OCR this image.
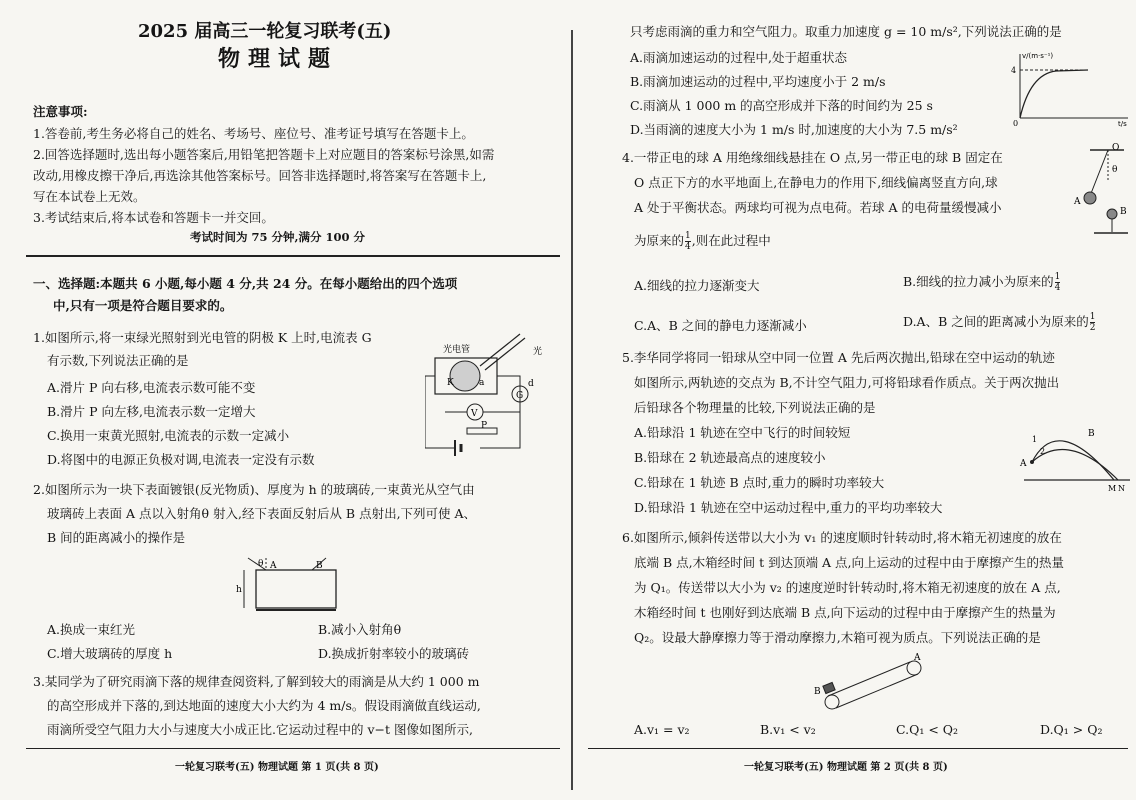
2025 届高三一轮复习联考(五)
物理试题
注意事项:
1.答卷前,考生务必将自己的姓名、考场号、座位号、准考证号填写在答题卡上。
2.回答选择题时,选出每小题答案后,用铅笔把答题卡上对应题目的答案标号涂黑,如需
改动,用橡皮擦干净后,再选涂其他答案标号。回答非选择题时,将答案写在答题卡上,
写在本试卷上无效。
3.考试结束后,将本试卷和答题卡一并交回。
考试时间为 75 分钟,满分 100 分
一、选择题:本题共 6 小题,每小题 4 分,共 24 分。在每小题给出的四个选项
中,只有一项是符合题目要求的。
1.如图所示,将一束绿光照射到光电管的阴极 K 上时,电流表 G
有示数,下列说法正确的是
A.滑片 P 向右移,电流表示数可能不变
B.滑片 P 向左移,电流表示数一定增大
C.换用一束黄光照射,电流表的示数一定减小
D.将图中的电源正负极对调,电流表一定没有示数
光电管	光
K	a	d
G
V
P
2.如图所示为一块下表面镀银(反光物质)、厚度为 h 的玻璃砖,一束黄光从空气由
玻璃砖上表面 A 点以入射角θ 射入,经下表面反射后从 B 点射出,下列可使 A、
B 间的距离减小的操作是
θ A	B
h
A.换成一束红光	B.减小入射角θ
C.增大玻璃砖的厚度 h	D.换成折射率较小的玻璃砖
3.某同学为了研究雨滴下落的规律查阅资料,了解到较大的雨滴是从大约 1 000 m
的高空形成并下落的,到达地面的速度大小大约为 4 m/s。假设雨滴做直线运动,
雨滴所受空气阻力大小与速度大小成正比.它运动过程中的 v−t 图像如图所示,
一轮复习联考(五) 物理试题 第 1 页(共 8 页)
只考虑雨滴的重力和空气阻力。取重力加速度 g = 10 m/s²,下列说法正确的是
A.雨滴加速运动的过程中,处于超重状态
B.雨滴加速运动的过程中,平均速度小于 2 m/s
C.雨滴从 1 000 m 的高空形成并下落的时间约为 25 s
D.当雨滴的速度大小为 1 m/s 时,加速度的大小为 7.5 m/s²
v/(m·s⁻¹)
t/s
0
4
4.一带正电的球 A 用绝缘细线悬挂在 O 点,另一带正电的球 B 固定在
O 点正下方的水平地面上,在静电力的作用下,细线偏离竖直方向,球
A 处于平衡状态。两球均可视为点电荷。若球 A 的电荷量缓慢减小
为原来的 $\frac{1}{4}$ ,则在此过程中
O
θ
A
B
A.细线的拉力逐渐变大	B.细线的拉力减小为原来的 $\frac{1}{4}$
C.A、B 之间的静电力逐渐减小	D.A、B 之间的距离减小为原来的 $\frac{1}{2}$
5.李华同学将同一铅球从空中同一位置 A 先后两次抛出,铅球在空中运动的轨迹
如图所示,两轨迹的交点为 B,不计空气阻力,可将铅球看作质点。关于两次抛出
后铅球各个物理量的比较,下列说法正确的是
A.铅球沿 1 轨迹在空中飞行的时间较短
B.铅球在 2 轨迹最高点的速度较小
C.铅球在 1 轨迹 B 点时,重力的瞬时功率较大
D.铅球沿 1 轨迹在空中运动过程中,重力的平均功率较大
A
B
1
2
M N
6.如图所示,倾斜传送带以大小为 v₁ 的速度顺时针转动时,将木箱无初速度的放在
底端 B 点,木箱经时间 t 到达顶端 A 点,向上运动的过程中由于摩擦产生的热量
为 Q₁。传送带以大小为 v₂ 的速度逆时针转动时,将木箱无初速度的放在 A 点,
木箱经时间 t 也刚好到达底端 B 点,向下运动的过程中由于摩擦产生的热量为
Q₂。设最大静摩擦力等于滑动摩擦力,木箱可视为质点。下列说法正确的是
A
B
A.v₁ = v₂	B.v₁ < v₂	C.Q₁ < Q₂	D.Q₁ > Q₂
一轮复习联考(五) 物理试题 第 2 页(共 8 页)
